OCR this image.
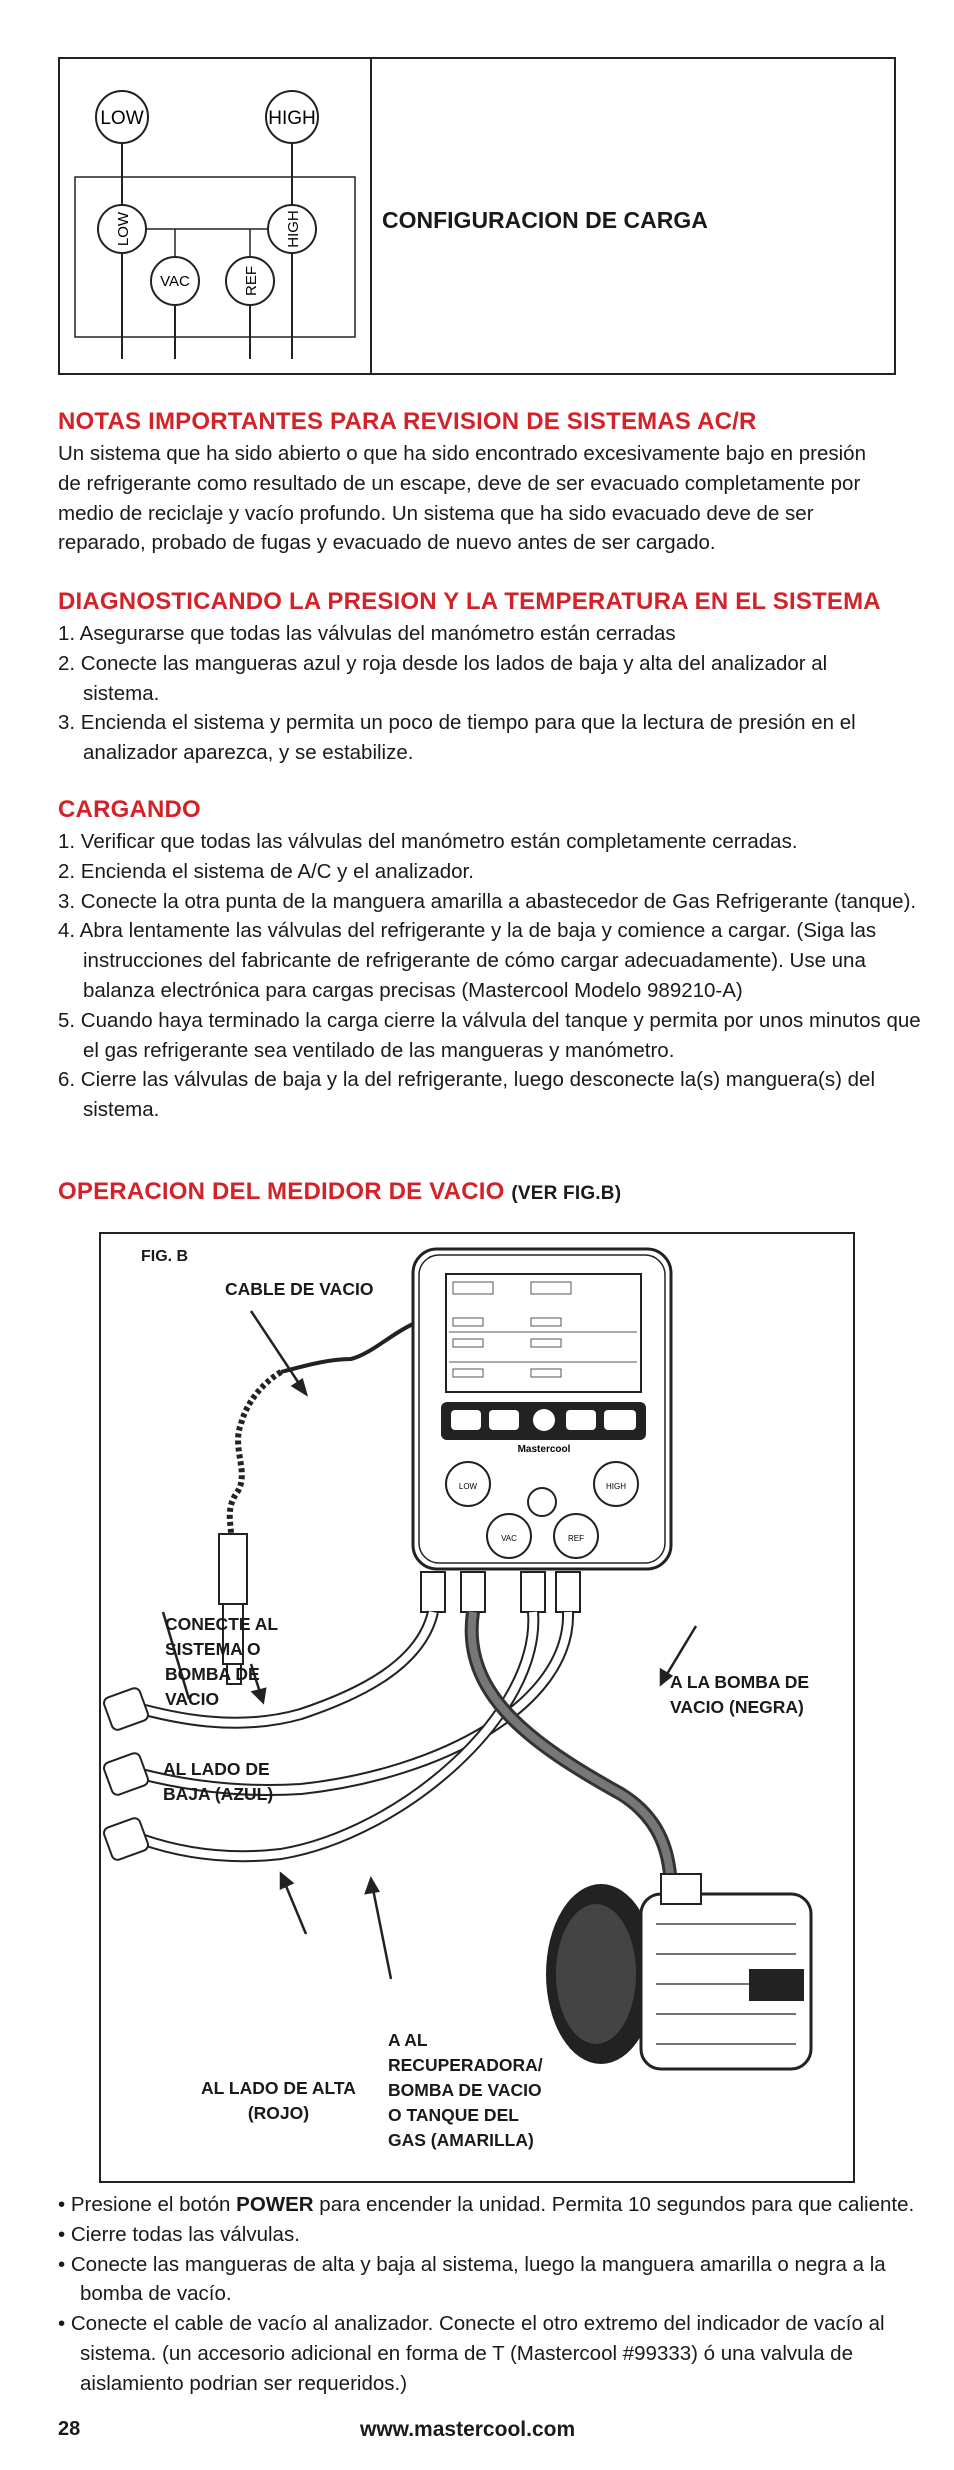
LOW	HIGH
LOW	HIGH
VAC	REF
CONFIGURACION DE CARGA
NOTAS IMPORTANTES PARA REVISION DE SISTEMAS AC/R
Un sistema que ha sido abierto o que ha sido encontrado excesivamente bajo en presión
de refrigerante como resultado de un escape, deve de ser evacuado completamente por
medio de reciclaje y vacío profundo. Un sistema que ha sido evacuado deve de ser
reparado, probado de fugas y evacuado de nuevo antes de ser cargado.
DIAGNOSTICANDO LA PRESION Y LA TEMPERATURA EN EL SISTEMA
1. Asegurarse que todas las válvulas del manómetro están cerradas
2. Conecte las mangueras azul y roja desde los lados de baja y alta del analizador al sistema.
3. Encienda el sistema y permita un poco de tiempo para que la lectura de presión en el analizador aparezca, y se estabilize.
CARGANDO
1. Verificar que todas las válvulas del manómetro están completamente cerradas.
2. Encienda el sistema de A/C y el analizador.
3. Conecte la otra punta de la manguera amarilla a abastecedor de Gas Refrigerante (tanque).
4. Abra lentamente las válvulas del refrigerante y la de baja y comience a cargar. (Siga las instrucciones del fabricante de refrigerante de cómo cargar adecuadamente). Use una balanza electrónica para cargas precisas (Mastercool Modelo 989210-A)
5. Cuando haya terminado la carga cierre la válvula del tanque y permita por unos minutos que el gas refrigerante sea ventilado de las mangueras y manómetro.
6. Cierre las válvulas de baja y la del refrigerante, luego desconecte la(s) manguera(s) del sistema.
OPERACION DEL MEDIDOR DE VACIO (VER FIG.B)
Mastercool
LOW	HIGH
VAC	REF
FIG. B
CABLE DE VACIO
CONECTE AL
SISTEMA O
BOMBA DE
VACIO
A LA BOMBA DE
VACIO (NEGRA)
AL LADO DE
BAJA (AZUL)
AL LADO DE ALTA
(ROJO)
A AL
RECUPERADORA/
BOMBA DE VACIO
O TANQUE DEL
GAS (AMARILLA)
• Presione el botón POWER para encender la unidad. Permita 10 segundos para que caliente.
• Cierre todas las válvulas.
• Conecte las mangueras de alta y baja al sistema, luego la manguera amarilla o negra a la bomba de vacío.
• Conecte el cable de vacío al analizador. Conecte el otro extremo del indicador de vacío al sistema. (un accesorio adicional en forma de T (Mastercool #99333) ó una valvula de aislamiento podrian ser requeridos.)
28	www.mastercool.com
